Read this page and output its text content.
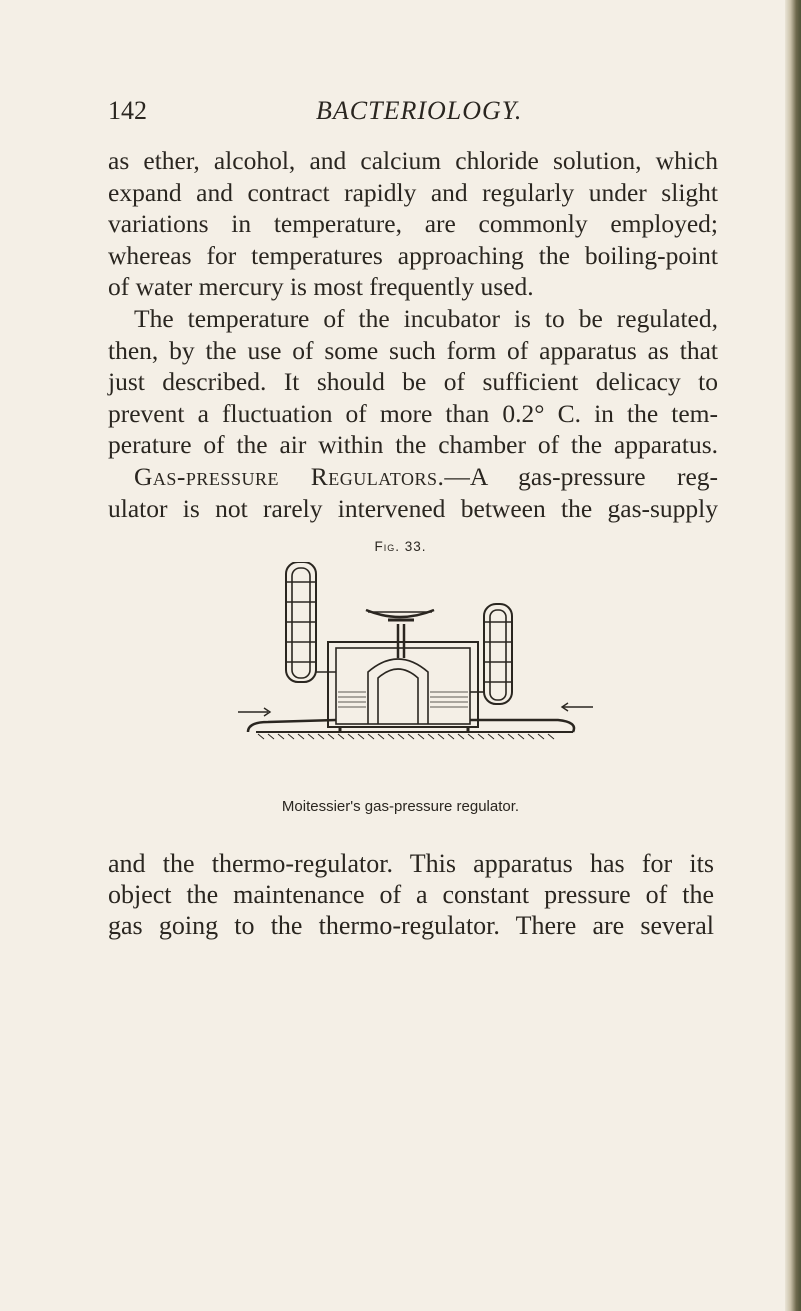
142	BACTERIOLOGY.
as ether, alcohol, and calcium chloride solution, which
expand and contract rapidly and regularly under slight
variations in temperature, are commonly employed;
whereas for temperatures approaching the boiling-point
of water mercury is most frequently used.
The temperature of the incubator is to be regulated,
then, by the use of some such form of apparatus as that
just described. It should be of sufficient delicacy to
prevent a fluctuation of more than 0.2° C. in the tem-
perature of the air within the chamber of the apparatus.
Gas-pressure Regulators.—A gas-pressure reg-
ulator is not rarely intervened between the gas-supply
Fig. 33.
Moitessier's gas-pressure regulator.
and the thermo-regulator. This apparatus has for its
object the maintenance of a constant pressure of the
gas going to the thermo-regulator. There are several
